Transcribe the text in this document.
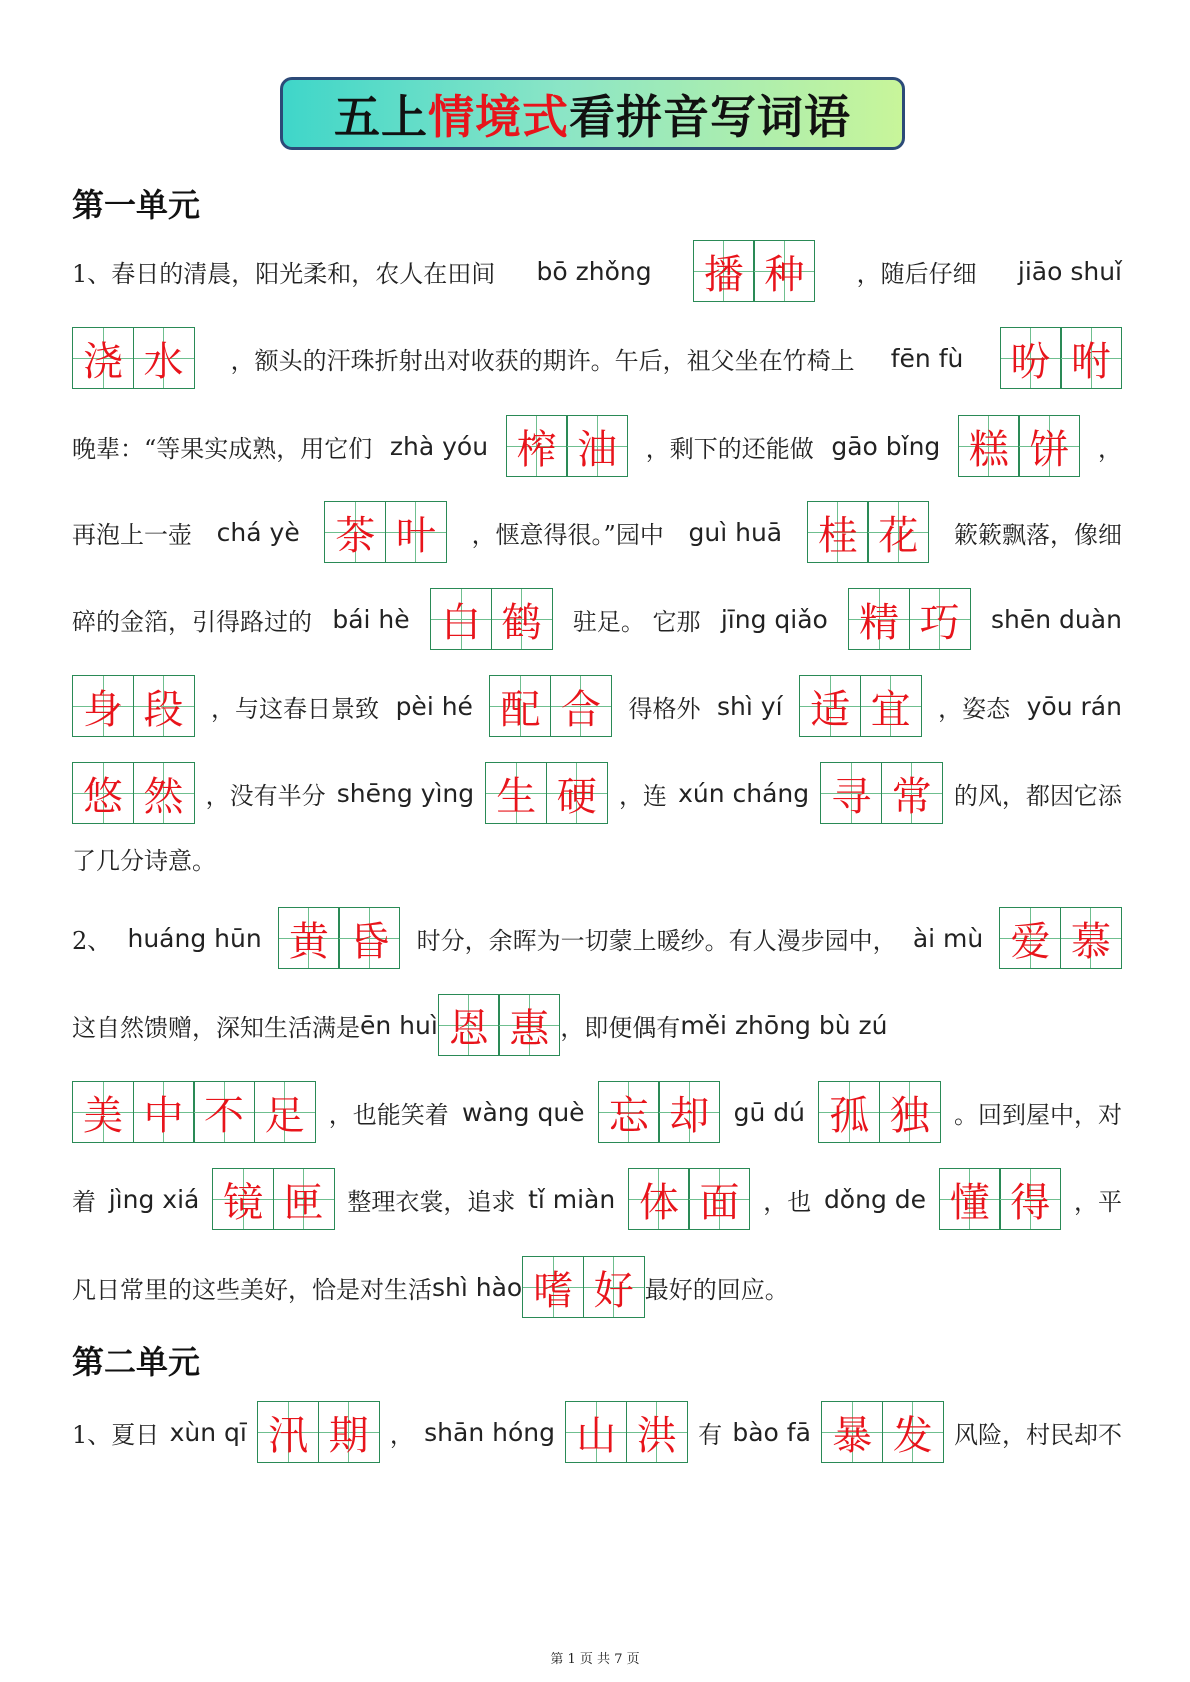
五上 情境式 看拼音写词语
第一单元
1、春日的清晨，阳光柔和，农人在田间 bō zhǒng 播 种 ，随后仔细 jiāo shuǐ
浇 水 ，额头的汗珠折射出对收获的期许。午后，祖父坐在竹椅上 fēn fù 吩 咐
晚辈：“等果实成熟，用它们 zhà yóu 榨 油 ，剩下的还能做 gāo bǐng 糕 饼 ，
再泡上一壶 chá yè 茶 叶 ，惬意得很。”园中 guì huā 桂 花 簌簌飘落，像细
碎的金箔，引得路过的 bái hè 白 鹤 驻足。 它那 jīng qiǎo 精 巧 shēn duàn
身 段 ，与这春日景致 pèi hé 配 合 得格外 shì yí 适 宜 ，姿态 yōu rán
悠 然 ，没有半分 shēng yìng 生 硬 ，连 xún cháng 寻 常 的风，都因它添
了几分诗意。
2、 huáng hūn 黄 昏 时分，余晖为一切蒙上暖纱。有人漫步园中， ài mù 爱 慕
这自然馈赠，深知生活满是 ēn huì 恩 惠 ，即便偶有 měi zhōng bù zú
美 中 不 足 ，也能笑着 wàng què 忘 却 gū dú 孤 独 。回到屋中，对
着 jìng xiá 镜 匣 整理衣裳，追求 tǐ miàn 体 面 ，也 dǒng de 懂 得 ，平
凡日常里的这些美好，恰是对生活 shì hào 嗜 好 最好的回应。
第二单元
1、夏日 xùn qī 汛 期 ， shān hóng 山 洪 有 bào fā 暴 发 风险，村民却不
第 1 页 共 7 页
